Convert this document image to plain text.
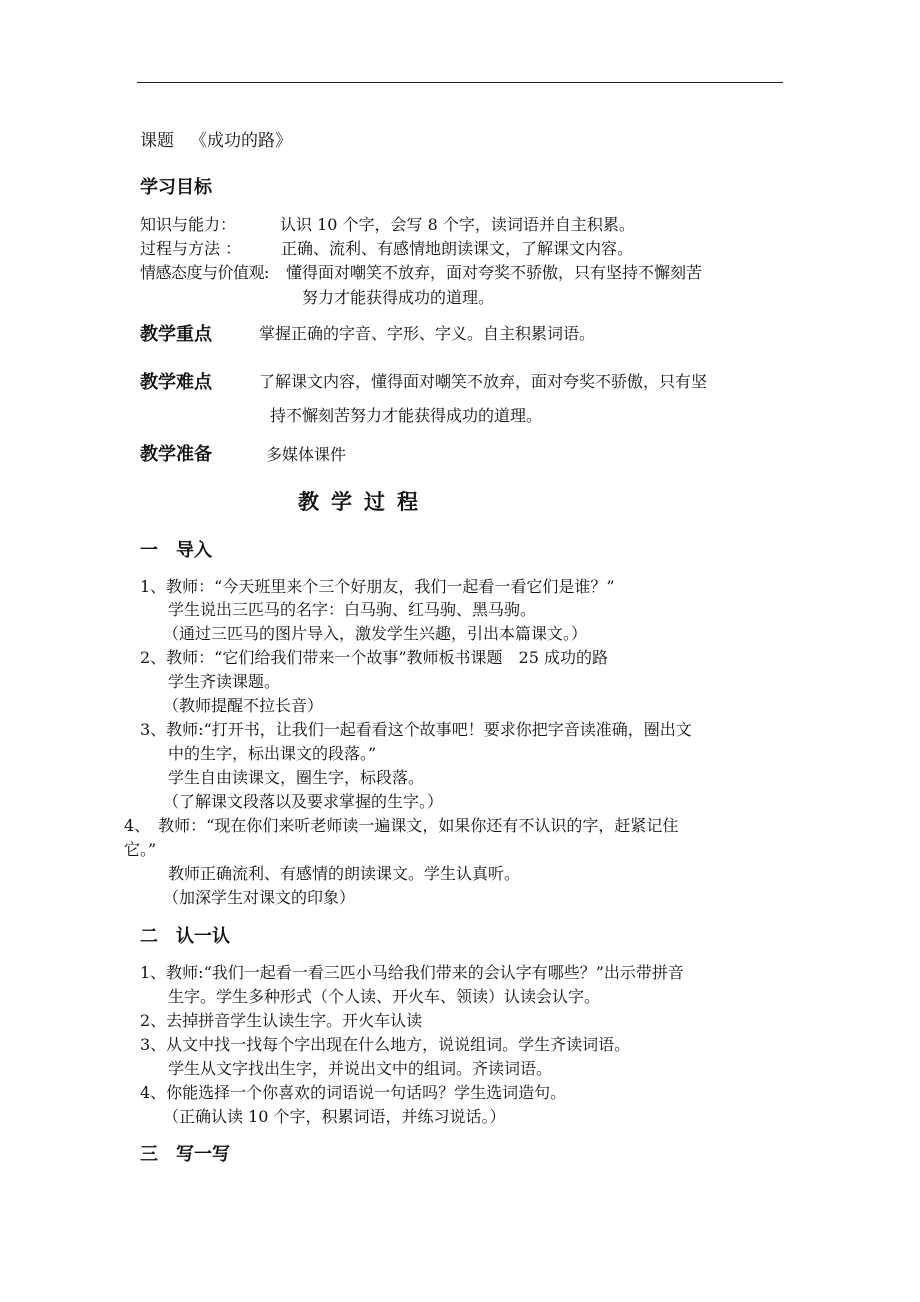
课题 《成功的路》
学习目标
知识与能力：	认识 10 个字，会写 8 个字，读词语并自主积累。
过程与方法 ： 正确、流利、有感情地朗读课文，了解课文内容。
情感态度与价值观: 懂得面对嘲笑不放弃，面对夸奖不骄傲，只有坚持不懈刻苦
努力才能获得成功的道理。
教学重点	掌握正确的字音、字形、字义。自主积累词语。
教学难点	了解课文内容，懂得面对嘲笑不放弃，面对夸奖不骄傲，只有坚
持不懈刻苦努力才能获得成功的道理。
教学准备	多媒体课件
教学过程
一　导入
1、教师：“今天班里来个三个好朋友，我们一起看一看它们是谁？”
学生说出三匹马的名字：白马驹、红马驹、黑马驹。
（通过三匹马的图片导入，激发学生兴趣，引出本篇课文。）
2、教师：“它们给我们带来一个故事”教师板书课题　25 成功的路
学生齐读课题。
（教师提醒不拉长音）
3、教师:“打开书，让我们一起看看这个故事吧！要求你把字音读准确，圈出文
中的生字，标出课文的段落。”
学生自由读课文，圈生字，标段落。
（了解课文段落以及要求掌握的生字。）
4、　教师：“现在你们来听老师读一遍课文，如果你还有不认识的字，赶紧记住
它。”
教师正确流利、有感情的朗读课文。学生认真听。
（加深学生对课文的印象）
二　认一认
1、教师:“我们一起看一看三匹小马给我们带来的会认字有哪些？”出示带拼音
生字。学生多种形式（个人读、开火车、领读）认读会认字。
2、去掉拼音学生认读生字。开火车认读
3、从文中找一找每个字出现在什么地方，说说组词。学生齐读词语。
学生从文字找出生字，并说出文中的组词。齐读词语。
4、你能选择一个你喜欢的词语说一句话吗？学生选词造句。
（正确认读 10 个字，积累词语，并练习说话。）
三　写一写
